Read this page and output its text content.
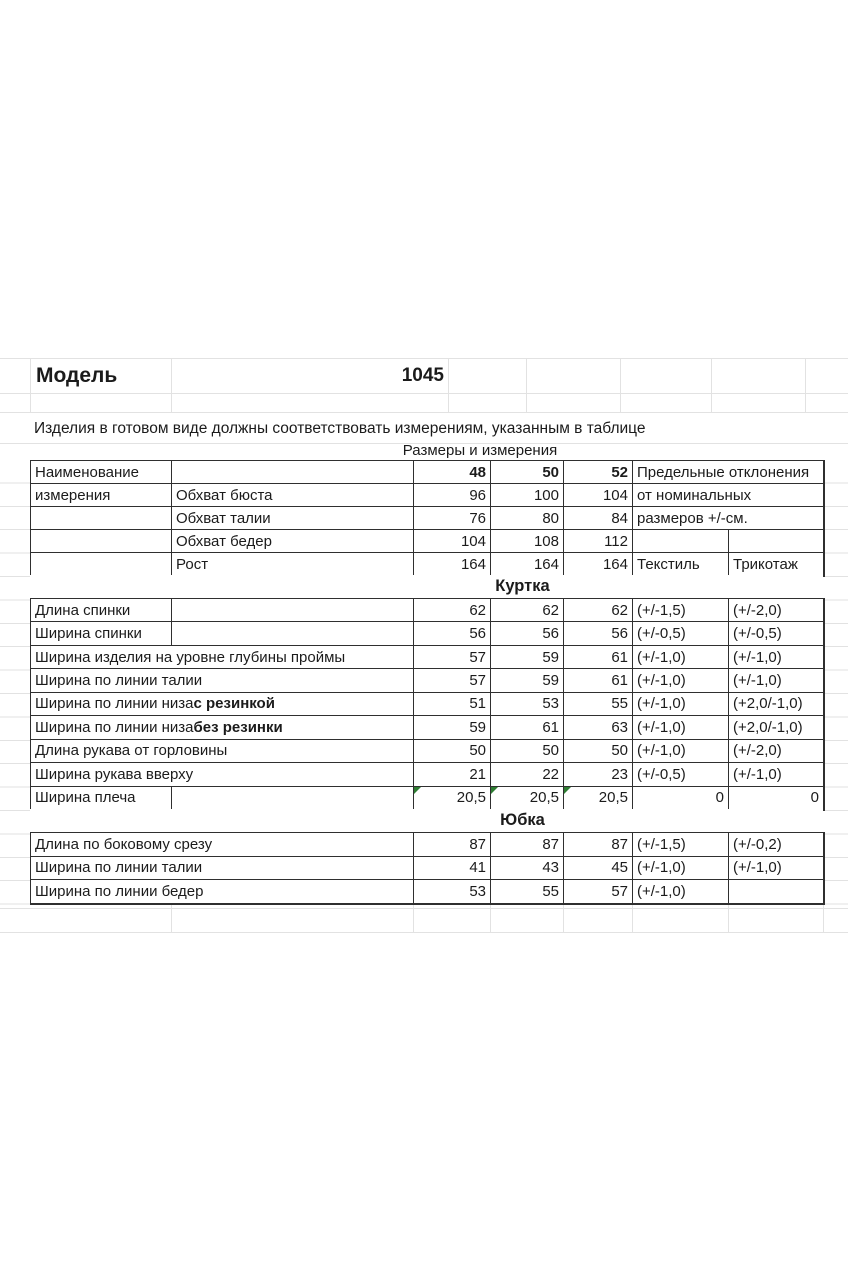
Модель	1045
Изделия в готовом виде должны соответствовать измерениям, указанным в таблице
Размеры и измерения
Наименование	48	50	52 Предельные отклонения
измерения	Обхват бюста	96	100	104 от номинальных
Обхват талии	76	80	84 размеров +/-см.
Обхват бедер	104	108	112
Рост	164	164	164 Текстиль	Трикотаж
Куртка
Длина спинки	62	62	62 (+/-1,5)	(+/-2,0)
Ширина спинки	56	56	56 (+/-0,5)	(+/-0,5)
Ширина изделия на уровне глубины проймы	57	59	61 (+/-1,0)	(+/-1,0)
Ширина по линии талии	57	59	61 (+/-1,0)	(+/-1,0)
Ширина по линии низа с резинкой	51	53	55 (+/-1,0)	(+2,0/-1,0)
Ширина по линии низа без резинки	59	61	63 (+/-1,0)	(+2,0/-1,0)
Длина рукава от горловины	50	50	50 (+/-1,0)	(+/-2,0)
Ширина рукава вверху	21	22	23 (+/-0,5)	(+/-1,0)
Ширина плеча	20,5	20,5	20,5	0	0
Юбка
Длина по боковому срезу	87	87	87 (+/-1,5)	(+/-0,2)
Ширина по линии талии	41	43	45 (+/-1,0)	(+/-1,0)
Ширина по линии бедер	53	55	57 (+/-1,0)
